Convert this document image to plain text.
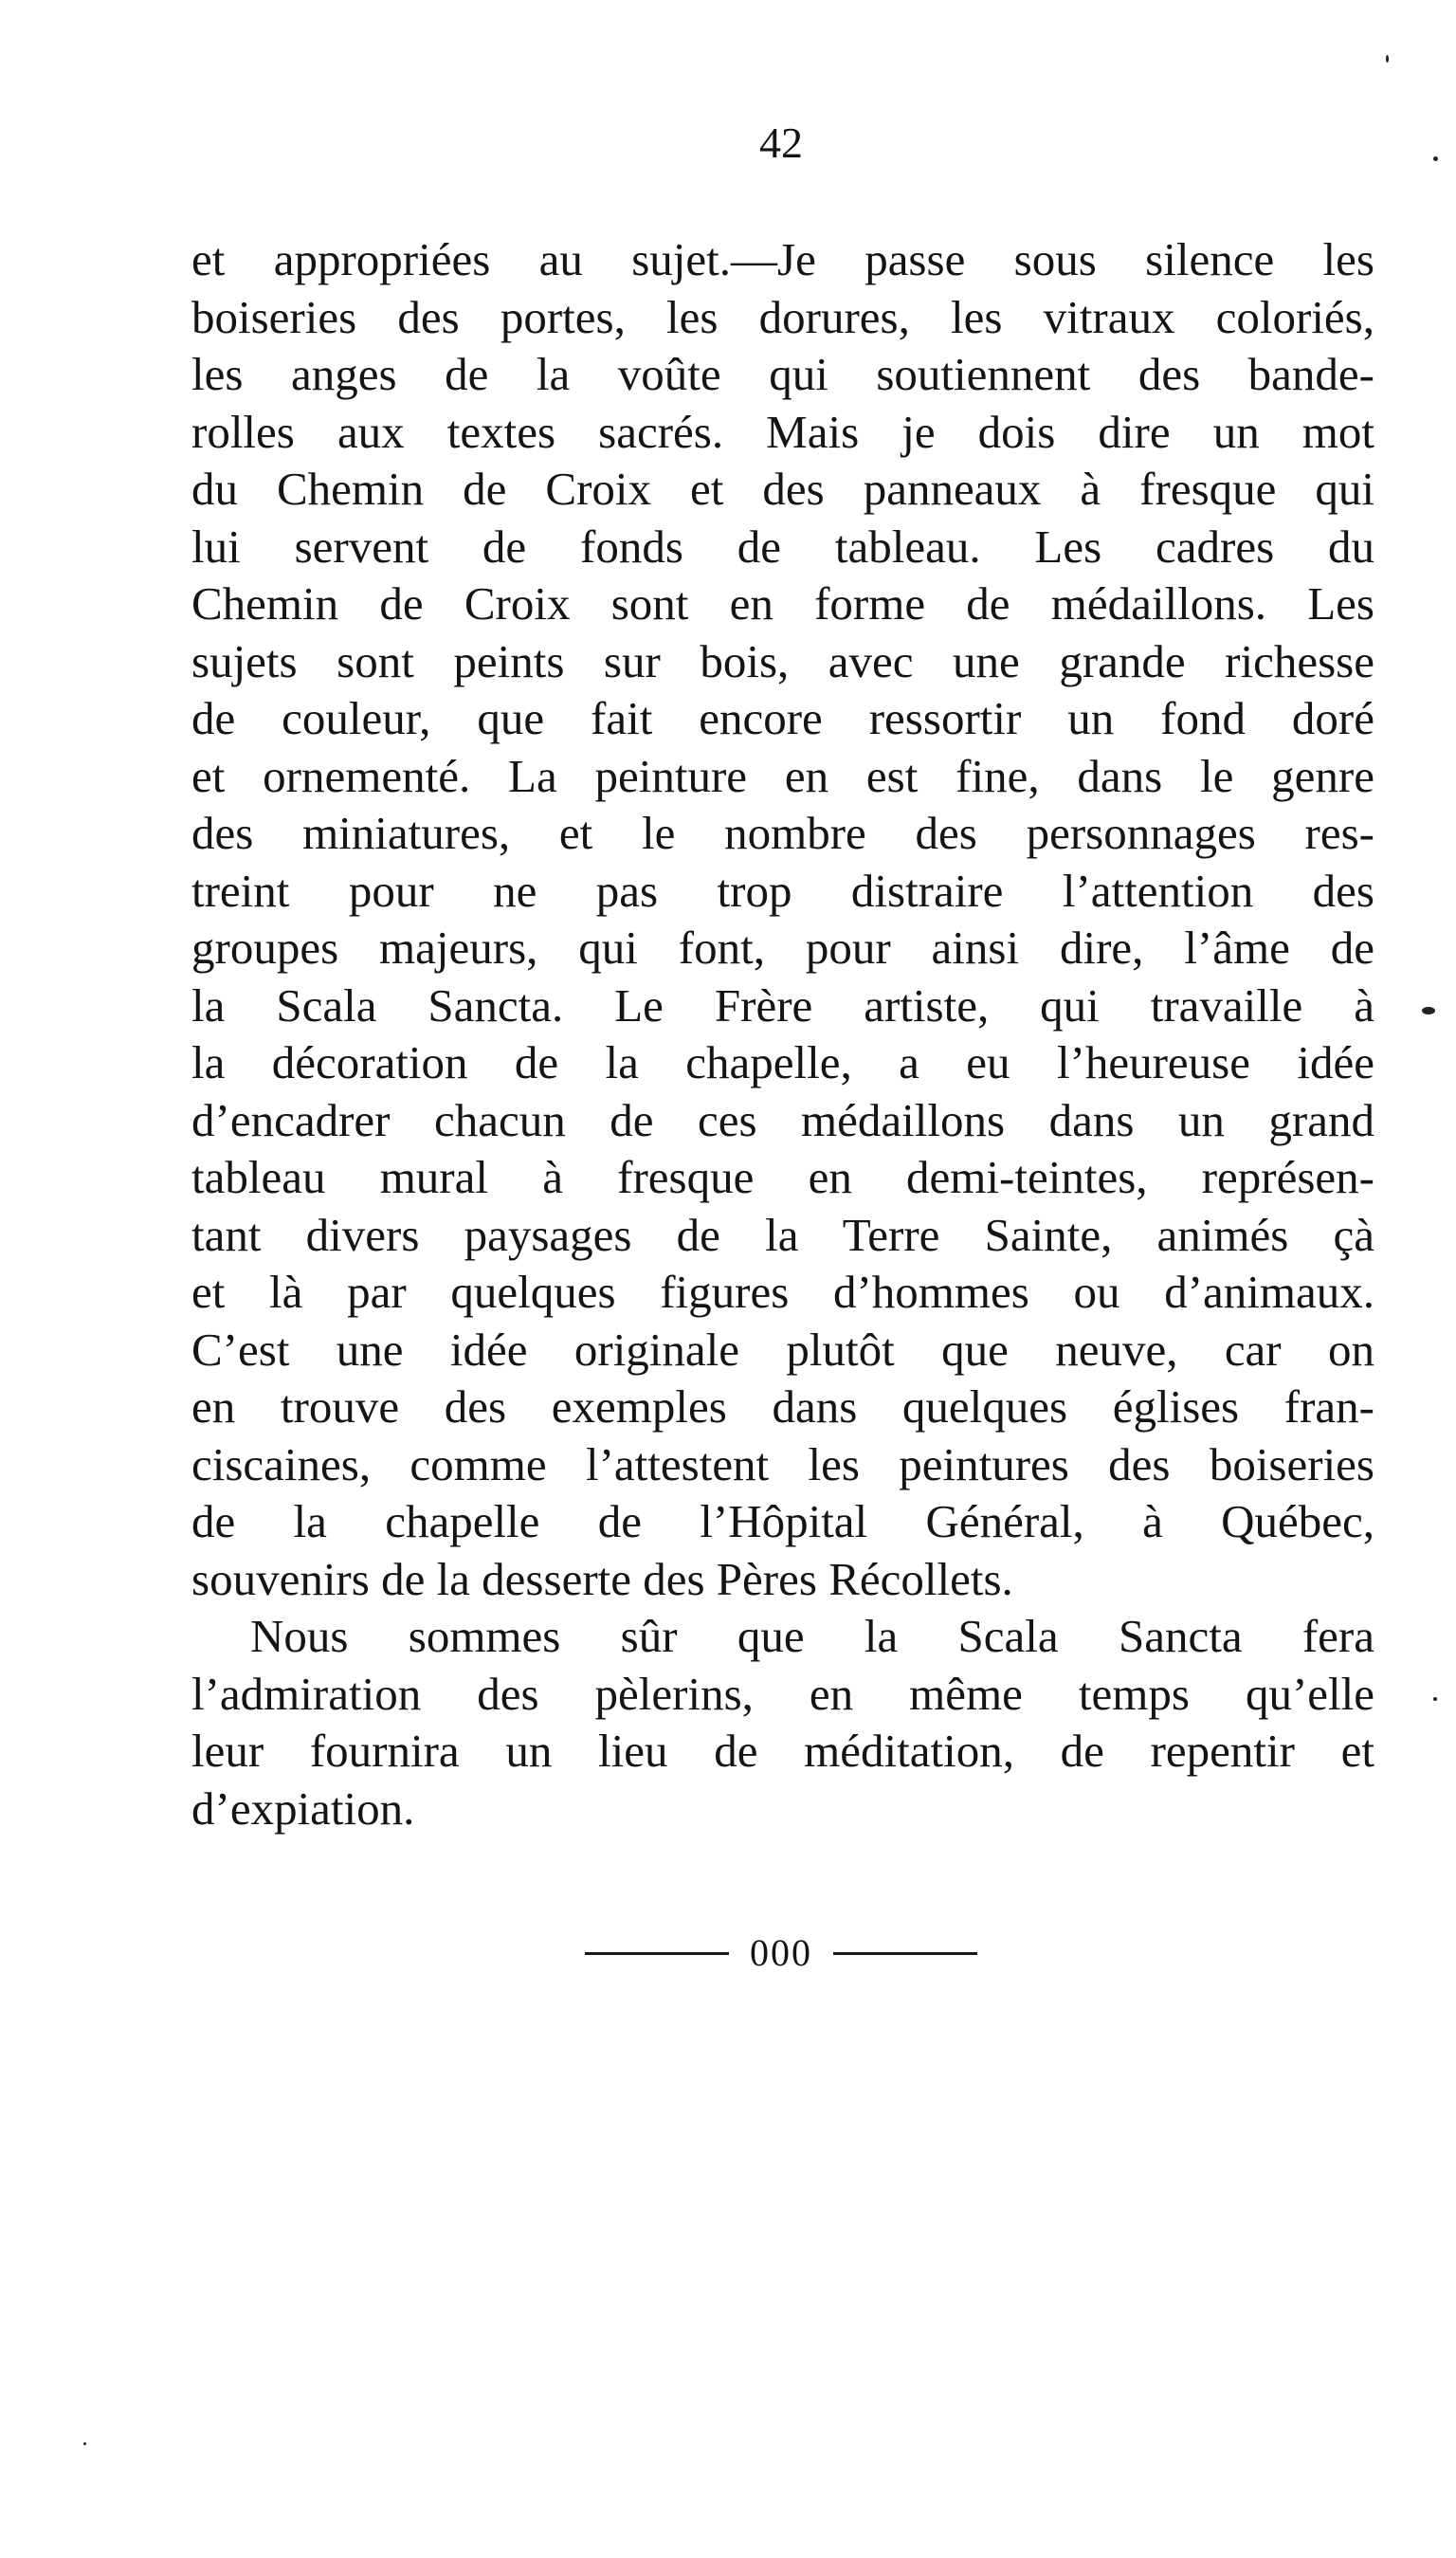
42
et appropriées au sujet.—Je passe sous silence les
boiseries des portes, les dorures, les vitraux coloriés,
les anges de la voûte qui soutiennent des bande-
rolles aux textes sacrés. Mais je dois dire un mot
du Chemin de Croix et des panneaux à fresque qui
lui servent de fonds de tableau. Les cadres du
Chemin de Croix sont en forme de médaillons. Les
sujets sont peints sur bois, avec une grande richesse
de couleur, que fait encore ressortir un fond doré
et ornementé. La peinture en est fine, dans le genre
des miniatures, et le nombre des personnages res-
treint pour ne pas trop distraire l’attention des
groupes majeurs, qui font, pour ainsi dire, l’âme de
la Scala Sancta. Le Frère artiste, qui travaille à
la décoration de la chapelle, a eu l’heureuse idée
d’encadrer chacun de ces médaillons dans un grand
tableau mural à fresque en demi-teintes, représen-
tant divers paysages de la Terre Sainte, animés çà
et là par quelques figures d’hommes ou d’animaux.
C’est une idée originale plutôt que neuve, car on
en trouve des exemples dans quelques églises fran-
ciscaines, comme l’attestent les peintures des boiseries
de la chapelle de l’Hôpital Général, à Québec,
souvenirs de la desserte des Pères Récollets.
Nous sommes sûr que la Scala Sancta fera
l’admiration des pèlerins, en même temps qu’elle
leur fournira un lieu de méditation, de repentir et
d’expiation.
000
